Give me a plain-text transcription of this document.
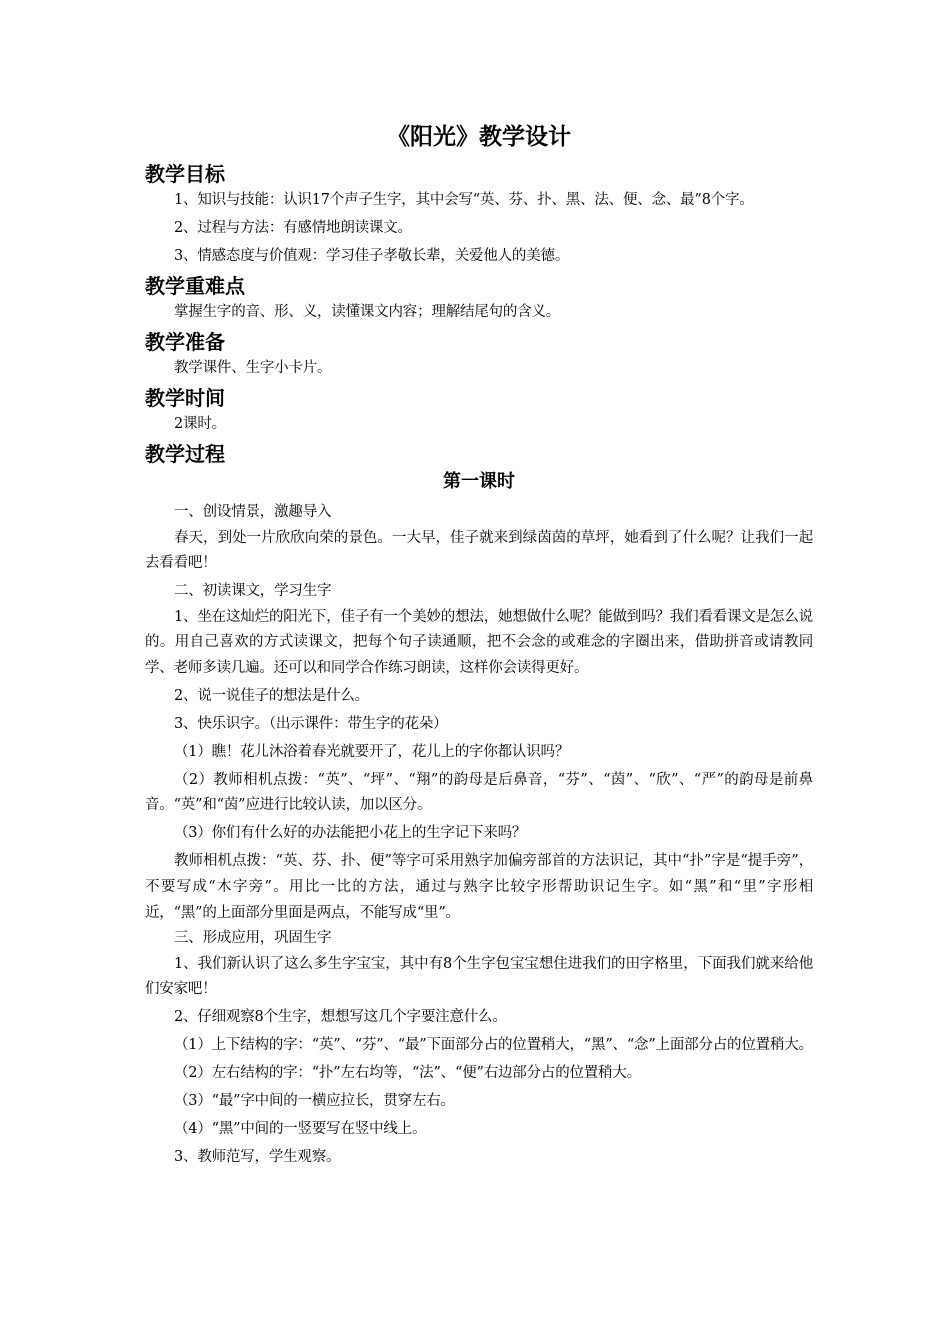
《阳光》教学设计
教学目标

1、知识与技能：认识17个声子生字，其中会写“英、芬、扑、黑、法、便、念、最”8个字。

2、过程与方法：有感情地朗读课文。

3、情感态度与价值观：学习佳子孝敬长辈，关爱他人的美德。

教学重难点

掌握生字的音、形、义，读懂课文内容；理解结尾句的含义。

教学准备

教学课件、生字小卡片。

教学时间

2课时。

教学过程
第一课时

一、创设情景，激趣导入

春天，到处一片欣欣向荣的景色。一大早，佳子就来到绿茵茵的草坪，她看到了什么呢？让我们一起去看看吧！

二、初读课文，学习生字

1、坐在这灿烂的阳光下，佳子有一个美妙的想法，她想做什么呢？能做到吗？我们看看课文是怎么说的。用自己喜欢的方式读课文，把每个句子读通顺，把不会念的或难念的字圈出来，借助拼音或请教同学、老师多读几遍。还可以和同学合作练习朗读，这样你会读得更好。

2、说一说佳子的想法是什么。

3、快乐识字。（出示课件：带生字的花朵）

（1）瞧！花儿沐浴着春光就要开了，花儿上的字你都认识吗？

（2）教师相机点拨：“英”、“坪”、“翔”的韵母是后鼻音，“芬”、“茵”、“欣”、“严”的韵母是前鼻音。“英”和“茵”应进行比较认读，加以区分。

（3）你们有什么好的办法能把小花上的生字记下来吗？

教师相机点拨：“英、芬、扑、便”等字可采用熟字加偏旁部首的方法识记，其中“扑”字是“提手旁”，不要写成“木字旁”。用比一比的方法，通过与熟字比较字形帮助识记生字。如“黑”和“里”字形相近，“黑”的上面部分里面是两点，不能写成“里”。

三、形成应用，巩固生字

1、我们新认识了这么多生字宝宝，其中有8个生字包宝宝想住进我们的田字格里，下面我们就来给他们安家吧！

2、仔细观察8个生字，想想写这几个字要注意什么。

（1）上下结构的字：“英”、“芬”、“最”下面部分占的位置稍大，“黑”、“念”上面部分占的位置稍大。

（2）左右结构的字：“扑”左右均等，“法”、“便”右边部分占的位置稍大。

（3）“最”字中间的一横应拉长，贯穿左右。

（4）“黑”中间的一竖要写在竖中线上。

3、教师范写，学生观察。
